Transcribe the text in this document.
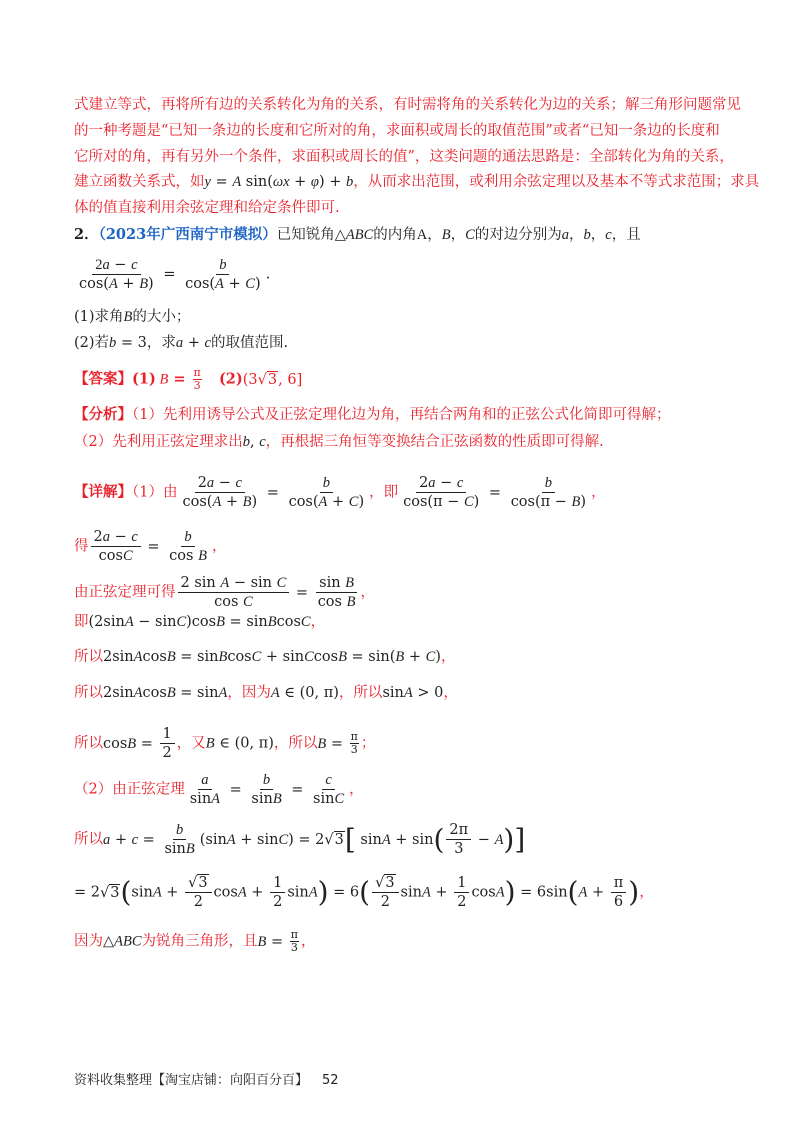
式建立等式，再将所有边的关系转化为角的关系，有时需将角的关系转化为边的关系；解三角形问题常见
的一种考题是“已知一条边的长度和它所对的角，求面积或周长的取值范围”或者“已知一条边的长度和
它所对的角，再有另外一个条件，求面积或周长的值”，这类问题的通法思路是：全部转化为角的关系，
建立函数关系式，如y = A sin(ωx + φ) + b，从而求出范围，或利用余弦定理以及基本不等式求范围；求具
体的值直接利用余弦定理和给定条件即可.
2．（2023年广西南宁市模拟）已知锐角△ABC的内角A，B，C的对边分别为a，b，c，且
$\frac{2a - c}{\cos(A + B)} = \frac{b}{\cos(A + C)}$ .
(1)求角B的大小；
(2)若b = 3，求a + c的取值范围.
【答案】(1) $B = \frac{\pi}{3} (2)(3√3$, 6]
【分析】（1）先利用诱导公式及正弦定理化边为角，再结合两角和的正弦公式化简即可得解；
（2）先利用正弦定理求出b, c，再根据三角恒等变换结合正弦函数的性质即可得解.
【详解】（1）由 $\frac{2a - c}{\cos(A + B)} = \frac{b}{\cos(A + C)}$ ，即 $\frac{2a - c}{\cos(\pi - C)} = \frac{b}{\cos(\pi - B)}$ ，
得 $\frac{2a - c}{\cos C} = \frac{b}{\text{cos B}}$ ，
由正弦定理可得 $\frac{\text{2 sin A − sin C}}{\text{cos C}} = \frac{\text{sin B}}{\text{cos B}}$ ，
即(2sinA − sinC)cosB = sinBcosC，
所以2sinAcosB = sinBcosC + sinCcosB = sin(B + C)，
所以2sinAcosB = sinA，因为A ∈ (0, π)，所以sinA > 0，
所以$\cos B = \frac{1}{2}$ ，又B ∈ (0, π)，所以$B = \frac{\pi}{3}$ ；
（2）由正弦定理 $\frac{a}{\sin A} = \frac{b}{\sin B} = \frac{c}{\sin C}$ ，
所以$a + c = \frac{b}{\sin B} (\sin A + \sin C) = 2√3$[ $\sin A + \sin( \frac{2\pi}{3} - A)$]
= $2√3(\sin A + \frac{√3}{2}$ $\cos A + \frac{1}{2} \sin A) = 6( \frac{√3}{2}$ $\sin A + \frac{1}{2} \cos A) = 6\sin(A + \frac{\pi}{6}$ )，
因为△ABC为锐角三角形，且$B = \frac{\pi}{3}$ ，
资料收集整理【淘宝店铺：向阳百分百】 52
